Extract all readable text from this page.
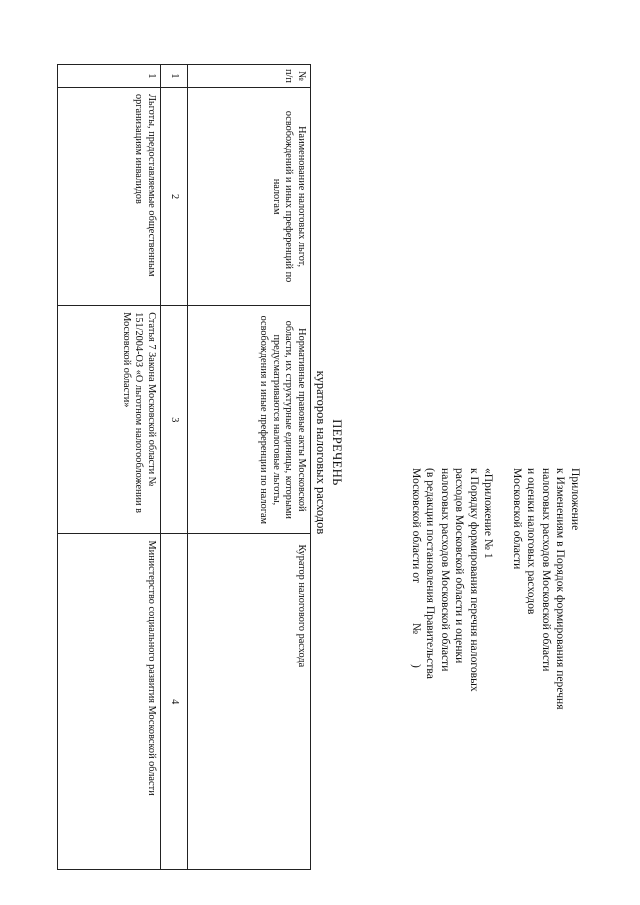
Приложение
к Изменениям в Порядок формирования перечня
налоговых расходов Московской области
и оценки налоговых расходов
Московской области
«Приложение № 1
к Порядку формирования перечня налоговых
расходов Московской области и оценки
налоговых расходов Московской области
(в редакции постановления Правительства
Московской области от№)
ПЕРЕЧЕНЬ
кураторов налоговых расходов
№ п/п	Наименование налоговых льгот, освобождений и иных преференций по налогам	Нормативные правовые акты Московской области, их структурные единицы, которыми предусматриваются налоговые льготы, освобождения и иные преференции по налогам	Куратор налогового расхода
1	2	3	4
1	Льготы, предоставляемые общественным организациям инвалидов	Статья 7 Закона Московской области № 151/2004-ОЗ «О льготном налогообложении в Московской области»	Министерство социального развития Московской области
